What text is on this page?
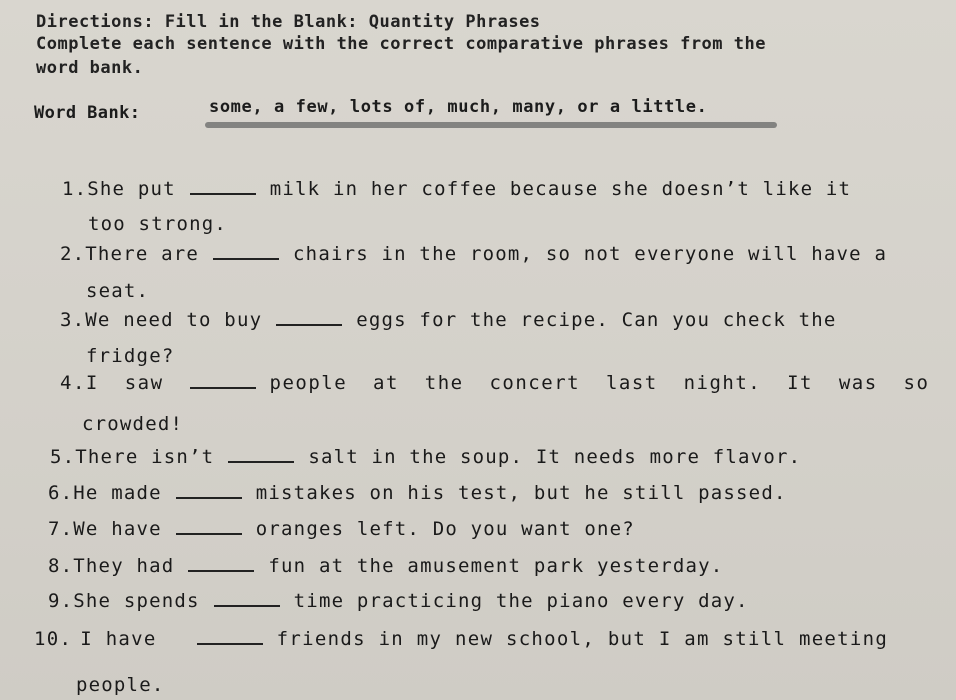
Directions: Fill in the Blank: Quantity Phrases
Complete each sentence with the correct comparative phrases from the
word bank.
Word Bank:	some, a few, lots of, much, many, or a little.
1.She put	milk in her coffee because she doesn’t like it
too strong.
2.There are	chairs in the room, so not everyone will have a
seat.
3.We need to buy	eggs for the recipe. Can you check the
fridge?
4.I  saw	people  at  the  concert  last  night.  It  was  so
crowded!
5.There isn’t	salt in the soup. It needs more flavor.
6.He made	mistakes on his test, but he still passed.
7.We have	oranges left. Do you want one?
8.They had	fun at the amusement park yesterday.
9.She spends	time practicing the piano every day.
10. I have	friends in my new school, but I am still meeting
people.
